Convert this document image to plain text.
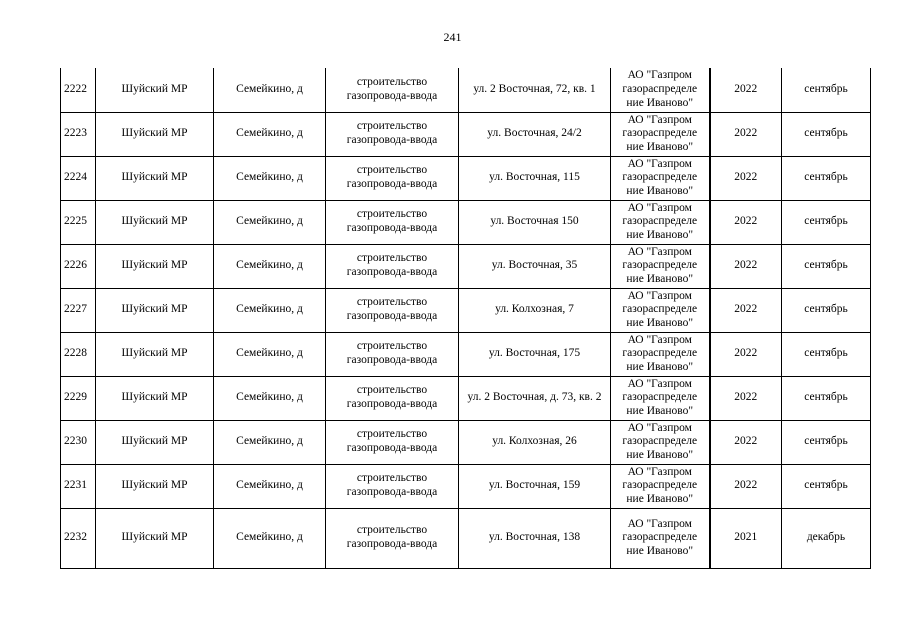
241
2222	Шуйский МР	Семейкино, д	строительство газопровода-ввода	ул. 2 Восточная, 72, кв. 1	АО "Газпром газораспределе ние Иваново"	2022	сентябрь
2223	Шуйский МР	Семейкино, д	строительство газопровода-ввода	ул. Восточная, 24/2	АО "Газпром газораспределе ние Иваново"	2022	сентябрь
2224	Шуйский МР	Семейкино, д	строительство газопровода-ввода	ул. Восточная, 115	АО "Газпром газораспределе ние Иваново"	2022	сентябрь
2225	Шуйский МР	Семейкино, д	строительство газопровода-ввода	ул. Восточная 150	АО "Газпром газораспределе ние Иваново"	2022	сентябрь
2226	Шуйский МР	Семейкино, д	строительство газопровода-ввода	ул. Восточная, 35	АО "Газпром газораспределе ние Иваново"	2022	сентябрь
2227	Шуйский МР	Семейкино, д	строительство газопровода-ввода	ул. Колхозная, 7	АО "Газпром газораспределе ние Иваново"	2022	сентябрь
2228	Шуйский МР	Семейкино, д	строительство газопровода-ввода	ул. Восточная, 175	АО "Газпром газораспределе ние Иваново"	2022	сентябрь
2229	Шуйский МР	Семейкино, д	строительство газопровода-ввода	ул. 2 Восточная, д. 73, кв. 2	АО "Газпром газораспределе ние Иваново"	2022	сентябрь
2230	Шуйский МР	Семейкино, д	строительство газопровода-ввода	ул. Колхозная, 26	АО "Газпром газораспределе ние Иваново"	2022	сентябрь
2231	Шуйский МР	Семейкино, д	строительство газопровода-ввода	ул. Восточная, 159	АО "Газпром газораспределе ние Иваново"	2022	сентябрь
2232	Шуйский МР	Семейкино, д	строительство газопровода-ввода	ул. Восточная, 138	АО "Газпром газораспределе ние Иваново"	2021	декабрь
